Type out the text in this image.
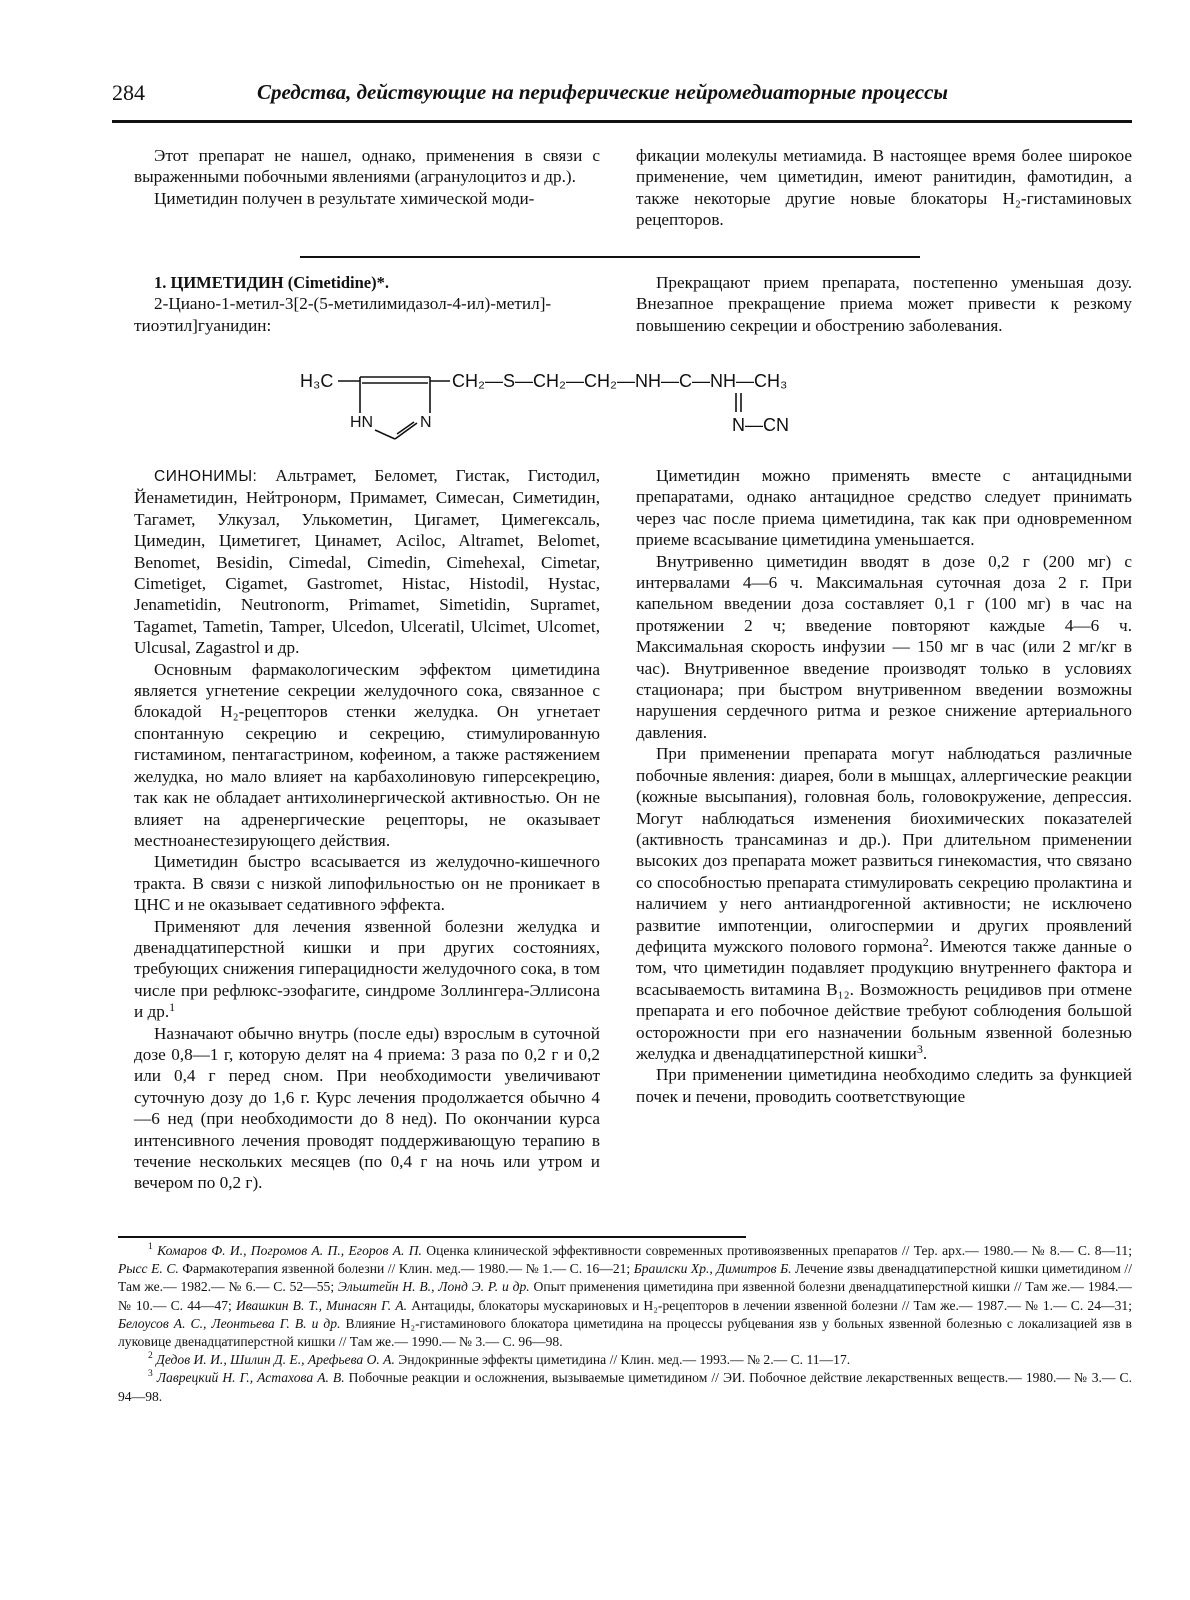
284	Средства, действующие на периферические нейромедиаторные процессы

Этот препарат не нашел, однако, применения в связи с выраженными побочными явлениями (агранулоцитоз и др.).

Циметидин получен в результате химической моди-

фикации молекулы метиамида. В настоящее время более широкое применение, чем циметидин, имеют ранитидин, фамотидин, а также некоторые другие новые блокаторы H₂-гистаминовых рецепторов.

1. ЦИМЕТИДИН (Cimetidine)*.

2-Циано-1-метил-3[2-(5-метилимидазол-4-ил)-метил]-тиоэтил]гуанидин:

Прекращают прием препарата, постепенно уменьшая дозу. Внезапное прекращение приема может привести к резкому повышению секреции и обострению заболевания.

H₃C
HN	N
CH₂—S—CH₂—CH₂—NH—C—NH—CH₃
N—CN

СИНОНИМЫ: Альтрамет, Беломет, Гистак, Гистодил, Йенаметидин, Нейтронорм, Примамет, Симесан, Симетидин, Тагамет, Улкузал, Улькометин, Цигамет, Цимегексаль, Цимедин, Циметигет, Цинамет, Aciloc, Altramet, Belomet, Benomet, Besidin, Cimedal, Cimedin, Cimehexal, Cimetar, Cimetiget, Cigamet, Gastromet, Histac, Histodil, Hystac, Jenametidin, Neutronorm, Primamet, Simetidin, Supramet, Tagamet, Tametin, Tamper, Ulcedon, Ulceratil, Ulcimet, Ulcomet, Ulcusal, Zagastrol и др.

Основным фармакологическим эффектом циметидина является угнетение секреции желудочного сока, связанное с блокадой H₂-рецепторов стенки желудка. Он угнетает спонтанную секрецию и секрецию, стимулированную гистамином, пентагастрином, кофеином, а также растяжением желудка, но мало влияет на карбахолиновую гиперсекрецию, так как не обладает антихолинергической активностью. Он не влияет на адренергические рецепторы, не оказывает местноанестезирующего действия.

Циметидин быстро всасывается из желудочно-кишечного тракта. В связи с низкой липофильностью он не проникает в ЦНС и не оказывает седативного эффекта.

Применяют для лечения язвенной болезни желудка и двенадцатиперстной кишки и при других состояниях, требующих снижения гиперацидности желудочного сока, в том числе при рефлюкс-эзофагите, синдроме Золлингера-Эллисона и др.$^1$

Назначают обычно внутрь (после еды) взрослым в суточной дозе 0,8—1 г, которую делят на 4 приема: 3 раза по 0,2 г и 0,2 или 0,4 г перед сном. При необходимости увеличивают суточную дозу до 1,6 г. Курс лечения продолжается обычно 4—6 нед (при необходимости до 8 нед). По окончании курса интенсивного лечения проводят поддерживающую терапию в течение нескольких месяцев (по 0,4 г на ночь или утром и вечером по 0,2 г).

Циметидин можно применять вместе с антацидными препаратами, однако антацидное средство следует принимать через час после приема циметидина, так как при одновременном приеме всасывание циметидина уменьшается.

Внутривенно циметидин вводят в дозе 0,2 г (200 мг) с интервалами 4—6 ч. Максимальная суточная доза 2 г. При капельном введении доза составляет 0,1 г (100 мг) в час на протяжении 2 ч; введение повторяют каждые 4—6 ч. Максимальная скорость инфузии — 150 мг в час (или 2 мг/кг в час). Внутривенное введение производят только в условиях стационара; при быстром внутривенном введении возможны нарушения сердечного ритма и резкое снижение артериального давления.

При применении препарата могут наблюдаться различные побочные явления: диарея, боли в мышцах, аллергические реакции (кожные высыпания), головная боль, головокружение, депрессия. Могут наблюдаться изменения биохимических показателей (активность трансаминаз и др.). При длительном применении высоких доз препарата может развиться гинекомастия, что связано со способностью препарата стимулировать секрецию пролактина и наличием у него антиандрогенной активности; не исключено развитие импотенции, олигоспермии и других проявлений дефицита мужского полового гормона$^2$. Имеются также данные о том, что циметидин подавляет продукцию внутреннего фактора и всасываемость витамина B₁₂. Возможность рецидивов при отмене препарата и его побочное действие требуют соблюдения большой осторожности при его назначении больным язвенной болезнью желудка и двенадцатиперстной кишки$^3$.

При применении циметидина необходимо следить за функцией почек и печени, проводить соответствующие

$^1$ Комаров Ф. И., Погромов А. П., Егоров А. П. Оценка клинической эффективности современных противоязвенных препаратов // Тер. арх.— 1980.— № 8.— С. 8—11; Рысс Е. С. Фармакотерапия язвенной болезни // Клин. мед.— 1980.— № 1.— С. 16—21; Браилски Хр., Димитров Б. Лечение язвы двенадцатиперстной кишки циметидином // Там же.— 1982.— № 6.— С. 52—55; Эльштейн Н. В., Лонд Э. Р. и др. Опыт применения циметидина при язвенной болезни двенадцатиперстной кишки // Там же.— 1984.— № 10.— С. 44—47; Ивашкин В. Т., Минасян Г. А. Антациды, блокаторы мускариновых и H₂-рецепторов в лечении язвенной болезни // Там же.— 1987.— № 1.— С. 24—31; Белоусов А. С., Леонтьева Г. В. и др. Влияние H₂-гистаминового блокатора циметидина на процессы рубцевания язв у больных язвенной болезнью с локализацией язв в луковице двенадцатиперстной кишки // Там же.— 1990.— № 3.— С. 96—98.

$^2$ Дедов И. И., Шилин Д. Е., Арефьева О. А. Эндокринные эффекты циметидина // Клин. мед.— 1993.— № 2.— С. 11—17.

$^3$ Лаврецкий Н. Г., Астахова А. В. Побочные реакции и осложнения, вызываемые циметидином // ЭИ. Побочное действие лекарственных веществ.— 1980.— № 3.— С. 94—98.
